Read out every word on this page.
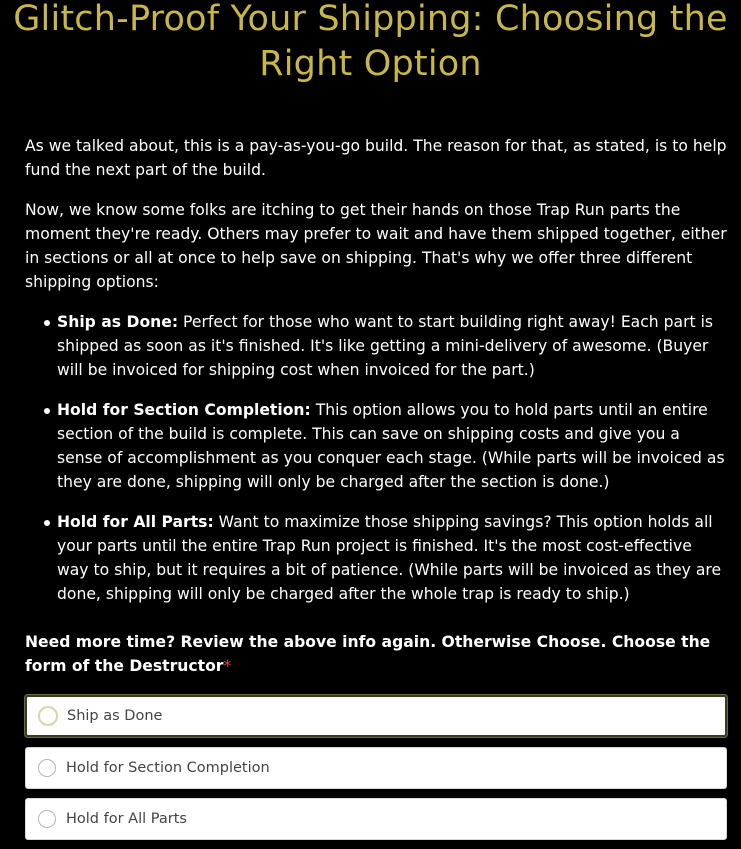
Glitch-Proof Your Shipping: Choosing the Right Option

As we talked about, this is a pay-as-you-go build. The reason for that, as stated, is to help fund the next part of the build.

Now, we know some folks are itching to get their hands on those Trap Run parts the moment they're ready. Others may prefer to wait and have them shipped together, either in sections or all at once to help save on shipping. That's why we offer three different shipping options:

Ship as Done: Perfect for those who want to start building right away! Each part is shipped as soon as it's finished. It's like getting a mini-delivery of awesome. (Buyer will be invoiced for shipping cost when invoiced for the part.)
Hold for Section Completion: This option allows you to hold parts until an entire section of the build is complete. This can save on shipping costs and give you a sense of accomplishment as you conquer each stage. (While parts will be invoiced as they are done, shipping will only be charged after the section is done.)
Hold for All Parts: Want to maximize those shipping savings? This option holds all your parts until the entire Trap Run project is finished. It's the most cost-effective way to ship, but it requires a bit of patience. (While parts will be invoiced as they are done, shipping will only be charged after the whole trap is ready to ship.)

Need more time? Review the above info again. Otherwise Choose. Choose the form of the Destructor*

Ship as Done
Hold for Section Completion
Hold for All Parts
